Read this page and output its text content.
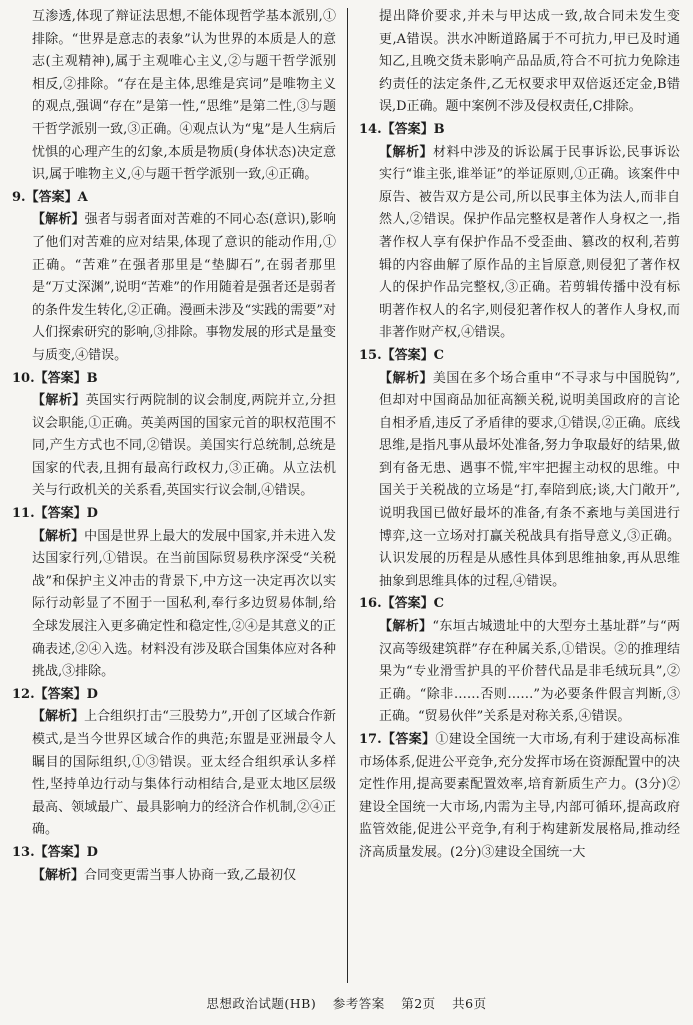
互渗透,体现了辩证法思想,不能体现哲学基本派别,①排除。“世界是意志的表象”认为世界的本质是人的意志(主观精神),属于主观唯心主义,②与题干哲学派别相反,②排除。“存在是主体,思维是宾词”是唯物主义的观点,强调“存在”是第一性,“思维”是第二性,③与题干哲学派别一致,③正确。④观点认为“鬼”是人生病后忧惧的心理产生的幻象,本质是物质(身体状态)决定意识,属于唯物主义,④与题干哲学派别一致,④正确。
9.【答案】A
【解析】强者与弱者面对苦难的不同心态(意识),影响了他们对苦难的应对结果,体现了意识的能动作用,①正确。“苦难”在强者那里是“垫脚石”,在弱者那里是“万丈深渊”,说明“苦难”的作用随着是强者还是弱者的条件发生转化,②正确。漫画未涉及“实践的需要”对人们探索研究的影响,③排除。事物发展的形式是量变与质变,④错误。
10.【答案】B
【解析】英国实行两院制的议会制度,两院并立,分担议会职能,①正确。英美两国的国家元首的职权范围不同,产生方式也不同,②错误。美国实行总统制,总统是国家的代表,且拥有最高行政权力,③正确。从立法机关与行政机关的关系看,英国实行议会制,④错误。
11.【答案】D
【解析】中国是世界上最大的发展中国家,并未进入发达国家行列,①错误。在当前国际贸易秩序深受“关税战”和保护主义冲击的背景下,中方这一决定再次以实际行动彰显了不囿于一国私利,奉行多边贸易体制,给全球发展注入更多确定性和稳定性,②④是其意义的正确表述,②④入选。材料没有涉及联合国集体应对各种挑战,③排除。
12.【答案】D
【解析】上合组织打击“三股势力”,开创了区域合作新模式,是当今世界区域合作的典范;东盟是亚洲最令人瞩目的国际组织,①③错误。亚太经合组织承认多样性,坚持单边行动与集体行动相结合,是亚太地区层级最高、领域最广、最具影响力的经济合作机制,②④正确。
13.【答案】D
【解析】合同变更需当事人协商一致,乙最初仅
提出降价要求,并未与甲达成一致,故合同未发生变更,A错误。洪水冲断道路属于不可抗力,甲已及时通知乙,且晚交货未影响产品品质,符合不可抗力免除违约责任的法定条件,乙无权要求甲双倍返还定金,B错误,D正确。题中案例不涉及侵权责任,C排除。
14.【答案】B
【解析】材料中涉及的诉讼属于民事诉讼,民事诉讼实行“谁主张,谁举证”的举证原则,①正确。该案件中原告、被告双方是公司,所以民事主体为法人,而非自然人,②错误。保护作品完整权是著作人身权之一,指著作权人享有保护作品不受歪曲、篡改的权利,若剪辑的内容曲解了原作品的主旨原意,则侵犯了著作权人的保护作品完整权,③正确。若剪辑传播中没有标明著作权人的名字,则侵犯著作权人的著作人身权,而非著作财产权,④错误。
15.【答案】C
【解析】美国在多个场合重申“不寻求与中国脱钩”,但却对中国商品加征高额关税,说明美国政府的言论自相矛盾,违反了矛盾律的要求,①错误,②正确。底线思维,是指凡事从最坏处准备,努力争取最好的结果,做到有备无患、遇事不慌,牢牢把握主动权的思维。中国关于关税战的立场是“打,奉陪到底;谈,大门敞开”,说明我国已做好最坏的准备,有条不紊地与美国进行博弈,这一立场对打赢关税战具有指导意义,③正确。认识发展的历程是从感性具体到思维抽象,再从思维抽象到思维具体的过程,④错误。
16.【答案】C
【解析】“东垣古城遗址中的大型夯土基址群”与“两汉高等级建筑群”存在种属关系,①错误。②的推理结果为“专业滑雪护具的平价替代品是非毛绒玩具”,②正确。“除非……否则……”为必要条件假言判断,③正确。“贸易伙伴”关系是对称关系,④错误。
17.【答案】①建设全国统一大市场,有利于建设高标准市场体系,促进公平竞争,充分发挥市场在资源配置中的决定性作用,提高要素配置效率,培育新质生产力。(3分)②建设全国统一大市场,内需为主导,内部可循环,提高政府监管效能,促进公平竞争,有利于构建新发展格局,推动经济高质量发展。(2分)③建设全国统一大
思想政治试题(HB) 参考答案 第2页 共6页
